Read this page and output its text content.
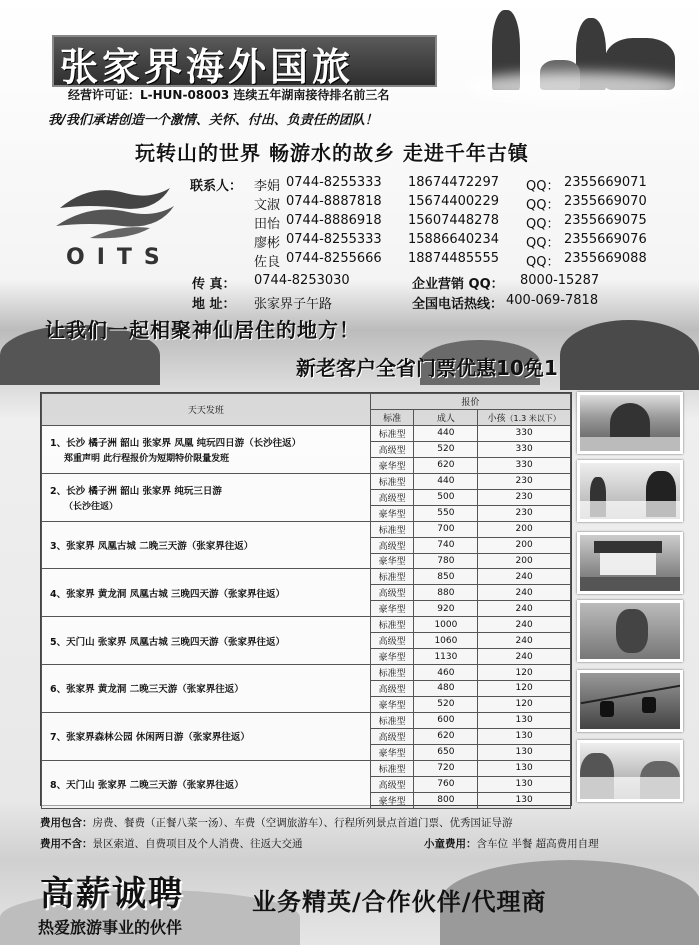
张家界海外国旅
经营许可证：L-HUN-08003 连续五年湖南接待排名前三名
我/我们承诺创造一个激情、关怀、付出、负责任的团队！
玩转山的世界 畅游水的故乡 走进千年古镇
OITS
联系人： 李娟 0744-8255333 18674472297 QQ： 2355669071
文淑 0744-8887818 15674400229 QQ： 2355669070
田怡 0744-8886918 15607448278 QQ： 2355669075
廖彬 0744-8255333 15886640234 QQ： 2355669076
佐良 0744-8255666 18874485555 QQ： 2355669088
传 真： 0744-8253030	企业营销 QQ： 8000-15287
地 址： 张家界子午路	全国电话热线： 400-069-7818
让我们一起相聚神仙居住的地方！
新老客户全省门票优惠10免1
天天发班	报价		
	标准	成人	小孩（1.3 米以下）
1、长沙 橘子洲 韶山 张家界 凤凰 纯玩四日游（长沙往返）
郑重声明 此行程报价为短期特价限量发班	标准型	440	330
	高级型	520	330
	豪华型	620	330
2、长沙 橘子洲 韶山 张家界 纯玩三日游
（长沙往返）	标准型	440	230
	高级型	500	230
	豪华型	550	230
3、张家界 凤凰古城 二晚三天游（张家界往返）	标准型	700	200
	高级型	740	200
	豪华型	780	200
4、张家界 黄龙洞 凤凰古城 三晚四天游（张家界往返）	标准型	850	240
	高级型	880	240
	豪华型	920	240
5、天门山 张家界 凤凰古城 三晚四天游（张家界往返）	标准型	1000	240
	高级型	1060	240
	豪华型	1130	240
6、张家界 黄龙洞 二晚三天游（张家界往返）	标准型	460	120
	高级型	480	120
	豪华型	520	120
7、张家界森林公园 休闲两日游（张家界往返）	标准型	600	130
	高级型	620	130
	豪华型	650	130
8、天门山 张家界 二晚三天游（张家界往返）	标准型	720	130
	高级型	760	130
	豪华型	800	130
费用包含：房费、餐费（正餐八菜一汤）、车费（空调旅游车）、行程所列景点首道门票、优秀国证导游
费用不含：景区索道、自费项目及个人消费、往返大交通	小童费用：含车位 半餐 超高费用自理
高薪诚聘	业务精英/合作伙伴/代理商
热爱旅游事业的伙伴
